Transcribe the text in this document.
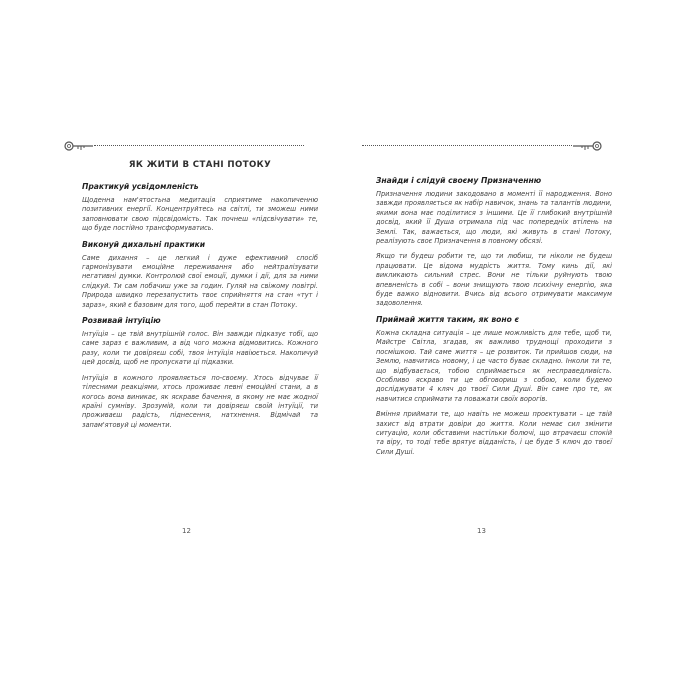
ЯК ЖИТИ В СТАНІ ПОТОКУ
Практикуй усвідомленість

Щоденна нам'ятостьнa медитація сприятиме накопиченню позитивних енергії. Концентруйтесь на світлі, ти зможеш ними заповнювати свою підсвідомість. Так почнеш «підсвічувати» те, що буде постійно трансформуватись.

Виконуй дихальні практики

Саме дихання – це легкий і дуже ефективний спосіб гармонізувати емоційне переживання або нейтралізувати негативні думки. Контролюй свої емоції, думки і дії, для за ними слідкуй. Ти сам побачиш уже за годин. Гуляй на свіжому повітрі. Природа швидко перезапустить твоє сприйняття на стан «тут і зараз», який є базовим для того, щоб перейти в стан Потоку.

Розвивай інтуїцію

Інтуїція – це твій внутрішній голос. Він завжди підказує тобі, що саме зараз є важливим, а від чого можна відмовитись. Кожного разу, коли ти довіряєш собі, твоя інтуїція навіюється. Накопичуй цей досвід, щоб не пропускати ці підказки.

Інтуїція в кожного проявляється по-своєму. Хтось відчуває її тілесними реакціями, хтось проживає певні емоційні стани, а в когось вона виникає, як яскраве бачення, в якому не має жодної країні сумніву. Зрозумій, коли ти довіряєш своїй інтуїції, ти проживаєш радість, піднесення, натхнення. Відмічай та запам'ятовуй ці моменти.

Знайди і слідуй своєму Призначенню

Призначення людини закодовано в моменті її народження. Воно завжди проявляється як набір навичок, знань та талантів людини, якими вона має поділитися з іншими. Це її глибокий внутрішній досвід, який її Душа отримала під час попередніх втілень на Землі. Так, важається, що люди, які живуть в стані Потоку, реалізують своє Призначення в повному обсязі.

Якщо ти будеш робити те, що ти любиш, ти ніколи не будеш працювати. Це відома мудрість життя. Тому кинь дії, які викликають сильний стрес. Вони не тільки руйнують твою впевненість в собі – вони знищують твою психічну енергію, яка буде важко відновити. Вчись від всього отримувати максимум задоволення.

Приймай життя таким, як воно є

Кожна складна ситуація – це лише можливість для тебе, щоб ти, Майстре Світла, згадав, як важливо труднощі проходити з посмішкою. Тай саме життя – це розвиток. Ти прийшов сюди, на Землю, навчитись новому, і це часто буває складно. Інколи ти те, що відбувається, тобою сприймається як несправедливість. Особливо яскраво ти це обговориш з собою, коли будемо досліджувати 4 кляч до твоєї Сили Душі. Він саме про те, як навчитися сприймати та поважати своїх ворогів.

Вміння приймати те, що навіть не можеш проєктувати – це твій захист від втрати довіри до життя. Коли немає сил змінити ситуацію, коли обставини настільки болючі, що втрачаєш спокій та віру, то тоді тебе врятує відданість, і це буде 5 ключ до твоєї Сили Душі.

12	13
